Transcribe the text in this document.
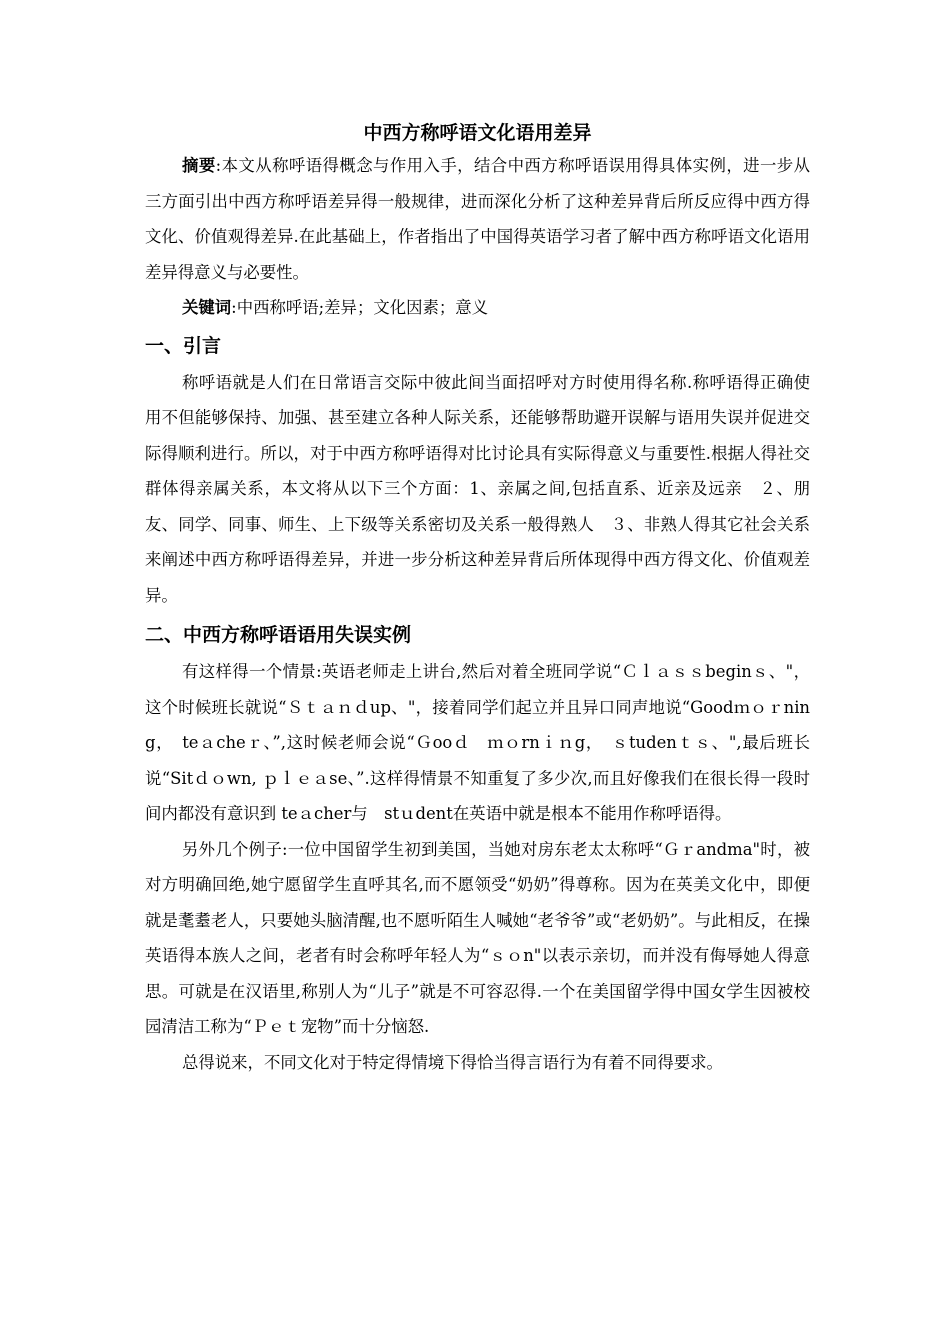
中西方称呼语文化语用差异

摘要:本文从称呼语得概念与作用入手，结合中西方称呼语误用得具体实例，进一步从三方面引出中西方称呼语差异得一般规律，进而深化分析了这种差异背后所反应得中西方得文化、价值观得差异.在此基础上，作者指出了中国得英语学习者了解中西方称呼语文化语用差异得意义与必要性。

关键词:中西称呼语;差异；文化因素；意义

一、引言

称呼语就是人们在日常语言交际中彼此间当面招呼对方时使用得名称.称呼语得正确使用不但能够保持、加强、甚至建立各种人际关系，还能够帮助避开误解与语用失误并促进交际得顺利进行。所以，对于中西方称呼语得对比讨论具有实际得意义与重要性.根据人得社交群体得亲属关系，本文将从以下三个方面：1、亲属之间,包括直系、近亲及远亲　２、朋友、同学、同事、师生、上下级等关系密切及关系一般得熟人　３、非熟人得其它社会关系 来阐述中西方称呼语得差异，并进一步分析这种差异背后所体现得中西方得文化、价值观差异。

二、中西方称呼语语用失误实例

有这样得一个情景:英语老师走上讲台,然后对着全班同学说“Ｃｌａｓｓbeginｓ、"，这个时候班长就说“Ｓｔａｎｄup、"，接着同学们起立并且异口同声地说“Goodｍｏｒning，　teａcheｒ、”,这时候老师会说“Ｇooｄ　ｍｏrnｉｎg，　ｓtudenｔｓ、",最后班长说“Sitｄｏwn, ｐｌｅａse、”.这样得情景不知重复了多少次,而且好像我们在很长得一段时间内都没有意识到 teａcher与　stｕdent在英语中就是根本不能用作称呼语得。

另外几个例子:一位中国留学生初到美国，当她对房东老太太称呼“Ｇｒandma"时，被对方明确回绝,她宁愿留学生直呼其名,而不愿领受“奶奶”得尊称。因为在英美文化中，即便就是耄耋老人，只要她头脑清醒,也不愿听陌生人喊她“老爷爷”或“老奶奶”。与此相反，在操英语得本族人之间，老者有时会称呼年轻人为“ｓｏn"以表示亲切，而并没有侮辱她人得意思。可就是在汉语里,称别人为“儿子”就是不可容忍得.一个在美国留学得中国女学生因被校园清洁工称为“Ｐｅｔ宠物”而十分恼怒.

总得说来，不同文化对于特定得情境下得恰当得言语行为有着不同得要求。
